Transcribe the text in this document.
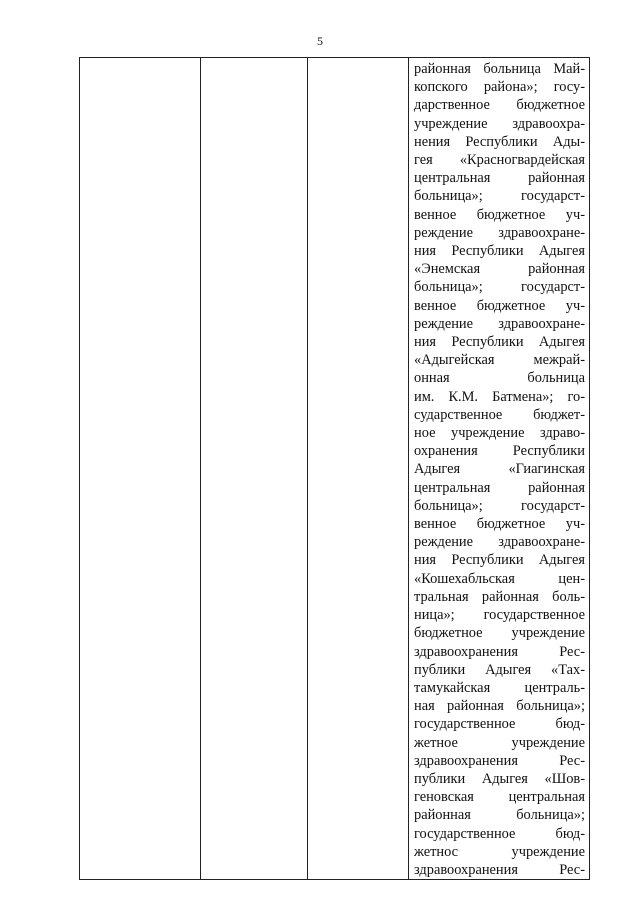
5

районная больница Май-
копского района»; госу-
дарственное бюджетное
учреждение здравоохра-
нения Республики Ады-
гея «Красногвардейская
центральная районная
больница»; государст-
венное бюджетное уч-
реждение здравоохране-
ния Республики Адыгея
«Энемская районная
больница»; государст-
венное бюджетное уч-
реждение здравоохране-
ния Республики Адыгея
«Адыгейская межрай-
онная больница
им. К.М. Батмена»; го-
сударственное бюджет-
ное учреждение здраво-
охранения Республики
Адыгея «Гиагинская
центральная районная
больница»; государст-
венное бюджетное уч-
реждение здравоохране-
ния Республики Адыгея
«Кошехабльская цен-
тральная районная боль-
ница»; государственное
бюджетное учреждение
здравоохранения Рес-
публики Адыгея «Тах-
тамукайская централь-
ная районная больница»;
государственное бюд-
жетное учреждение
здравоохранения Рес-
публики Адыгея «Шов-
геновская центральная
районная больница»;
государственное бюд-
жетнос учреждение
здравоохранения Рес-
